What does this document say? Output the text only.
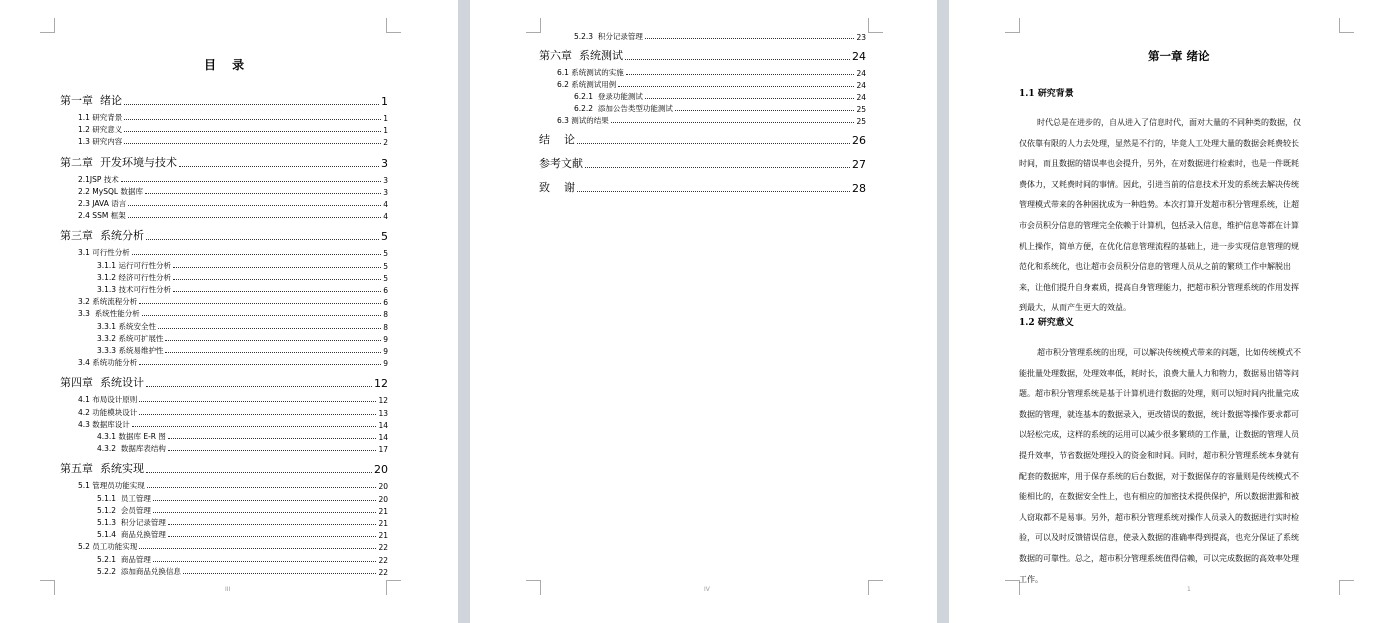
目 录
第一章  绪论	1
1.1 研究背景	1
1.2 研究意义	1
1.3 研究内容	2
第二章  开发环境与技术	3
2.1JSP 技术	3
2.2 MySQL 数据库	3
2.3 JAVA 语言	4
2.4 SSM 框架	4
第三章  系统分析	5
3.1 可行性分析	5
3.1.1 运行可行性分析	5
3.1.2 经济可行性分析	5
3.1.3 技术可行性分析	6
3.2 系统流程分析	6
3.3  系统性能分析	8
3.3.1 系统安全性	8
3.3.2 系统可扩展性	9
3.3.3 系统易维护性	9
3.4 系统功能分析	9
第四章  系统设计	12
4.1 布局设计原则	12
4.2 功能模块设计	13
4.3 数据库设计	14
4.3.1 数据库 E-R 图	14
4.3.2  数据库表结构	17
第五章  系统实现	20
5.1 管理员功能实现	20
5.1.1  员工管理	20
5.1.2  会员管理	21
5.1.3  积分记录管理	21
5.1.4  商品兑换管理	21
5.2 员工功能实现	22
5.2.1  商品管理	22
5.2.2  添加商品兑换信息	22
III
5.2.3  积分记录管理	23
第六章  系统测试	24
6.1 系统测试的实施	24
6.2 系统测试用例	24
6.2.1  登录功能测试	24
6.2.2  添加公告类型功能测试	25
6.3 测试的结果	25
结    论	26
参考文献	27
致    谢	28
IV
第一章 绪论
1.1 研究背景
时代总是在进步的，自从进入了信息时代，面对大量的不同种类的数据，仅
仅依靠有限的人力去处理，显然是不行的，毕竟人工处理大量的数据会耗费较长
时间，而且数据的错误率也会提升，另外，在对数据进行检索时，也是一件既耗
费体力，又耗费时间的事情。因此，引进当前的信息技术开发的系统去解决传统
管理模式带来的各种困扰成为一种趋势。本次打算开发超市积分管理系统，让超
市会员积分信息的管理完全依赖于计算机，包括录入信息，维护信息等都在计算
机上操作，简单方便，在优化信息管理流程的基础上，进一步实现信息管理的规
范化和系统化，也让超市会员积分信息的管理人员从之前的繁琐工作中解脱出
来，让他们提升自身素质，提高自身管理能力，把超市积分管理系统的作用发挥
到最大，从而产生更大的效益。
1.2 研究意义
超市积分管理系统的出现，可以解决传统模式带来的问题，比如传统模式不
能批量处理数据，处理效率低，耗时长，浪费大量人力和物力，数据易出错等问
题。超市积分管理系统是基于计算机进行数据的处理，则可以短时间内批量完成
数据的管理，就连基本的数据录入，更改错误的数据，统计数据等操作要求都可
以轻松完成，这样的系统的运用可以减少很多繁琐的工作量，让数据的管理人员
提升效率，节省数据处理投入的资金和时间。同时，超市积分管理系统本身就有
配套的数据库，用于保存系统的后台数据，对于数据保存的容量则是传统模式不
能相比的，在数据安全性上，也有相应的加密技术提供保护，所以数据泄露和被
人窃取都不是易事。另外，超市积分管理系统对操作人员录入的数据进行实时检
验，可以及时反馈错误信息，使录入数据的准确率得到提高，也充分保证了系统
数据的可靠性。总之，超市积分管理系统值得信赖，可以完成数据的高效率处理
工作。
1
